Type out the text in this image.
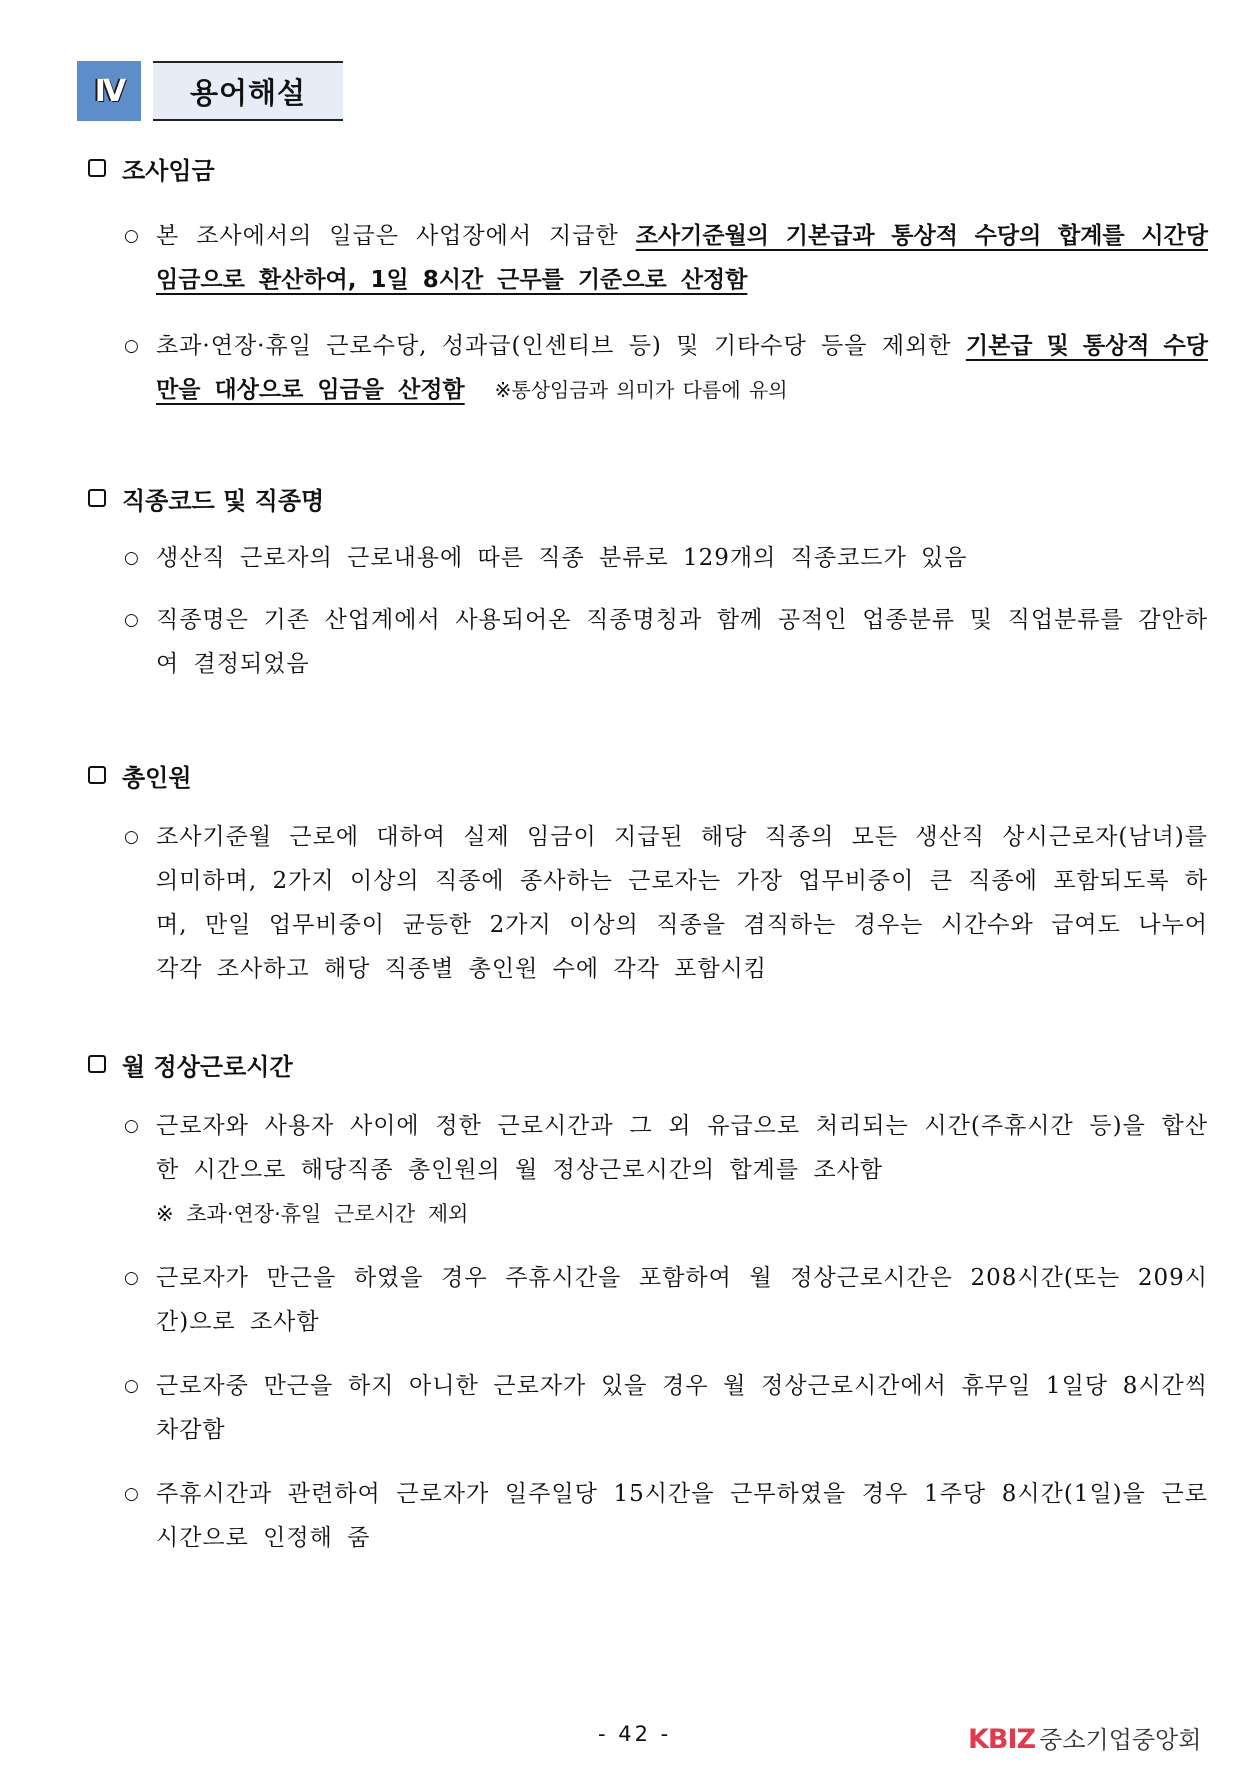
IV	용어해설
조사임금
○ 본 조사에서의 일급은 사업장에서 지급한 조사기준월의 기본급과 통상적 수당의 합계를 시간당 임금으로 환산하여, 1일 8시간 근무를 기준으로 산정함
○ 초과·연장·휴일 근로수당, 성과급(인센티브 등) 및 기타수당 등을 제외한 기본급 및 통상적 수당만을 대상으로 임금을 산정함 ※통상임금과 의미가 다름에 유의
직종코드 및 직종명
○ 생산직 근로자의 근로내용에 따른 직종 분류로 129개의 직종코드가 있음
○ 직종명은 기존 산업계에서 사용되어온 직종명칭과 함께 공적인 업종분류 및 직업분류를 감안하여 결정되었음
총인원
○ 조사기준월 근로에 대하여 실제 임금이 지급된 해당 직종의 모든 생산직 상시근로자(남녀)를 의미하며, 2가지 이상의 직종에 종사하는 근로자는 가장 업무비중이 큰 직종에 포함되도록 하며, 만일 업무비중이 균등한 2가지 이상의 직종을 겸직하는 경우는 시간수와 급여도 나누어 각각 조사하고 해당 직종별 총인원 수에 각각 포함시킴
월 정상근로시간
○ 근로자와 사용자 사이에 정한 근로시간과 그 외 유급으로 처리되는 시간(주휴시간 등)을 합산한 시간으로 해당직종 총인원의 월 정상근로시간의 합계를 조사함
※ 초과·연장·휴일 근로시간 제외
○ 근로자가 만근을 하였을 경우 주휴시간을 포함하여 월 정상근로시간은 208시간(또는 209시간)으로 조사함
○ 근로자중 만근을 하지 아니한 근로자가 있을 경우 월 정상근로시간에서 휴무일 1일당 8시간씩 차감함
○ 주휴시간과 관련하여 근로자가 일주일당 15시간을 근무하였을 경우 1주당 8시간(1일)을 근로시간으로 인정해 줌
- 42 -	KBIZ 중소기업중앙회
